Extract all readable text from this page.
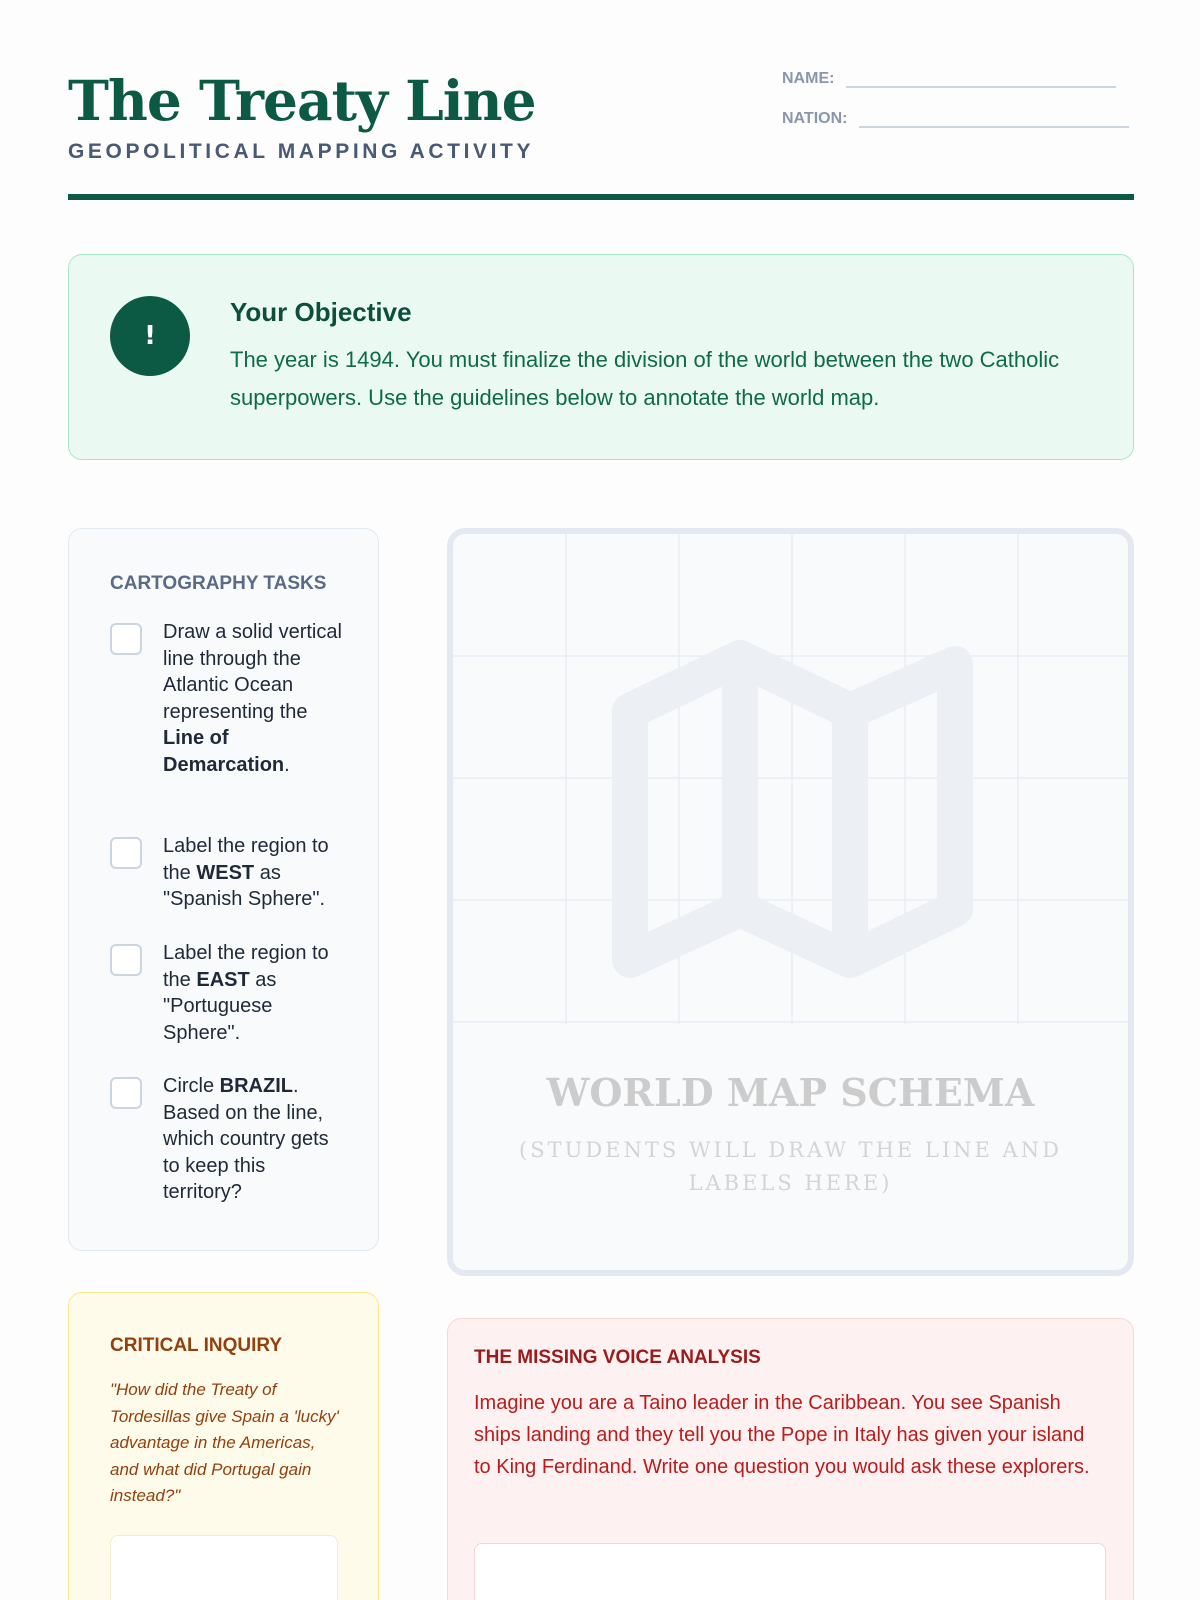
The Treaty Line
GEOPOLITICAL MAPPING ACTIVITY
NAME:
NATION:
!
Your Objective
The year is 1494. You must finalize the division of the world between the two Catholic superpowers. Use the guidelines below to annotate the world map.
CARTOGRAPHY TASKS
Draw a solid vertical line through the Atlantic Ocean representing the Line of Demarcation.
Label the region to the WEST as "Spanish Sphere".
Label the region to the EAST as "Portuguese Sphere".
Circle BRAZIL. Based on the line, which country gets to keep this territory?
WORLD MAP SCHEMA
(STUDENTS WILL DRAW THE LINE AND LABELS HERE)
CRITICAL INQUIRY
"How did the Treaty of Tordesillas give Spain a 'lucky' advantage in the Americas, and what did Portugal gain instead?"
THE MISSING VOICE ANALYSIS
Imagine you are a Taino leader in the Caribbean. You see Spanish ships landing and they tell you the Pope in Italy has given your island to King Ferdinand. Write one question you would ask these explorers.
